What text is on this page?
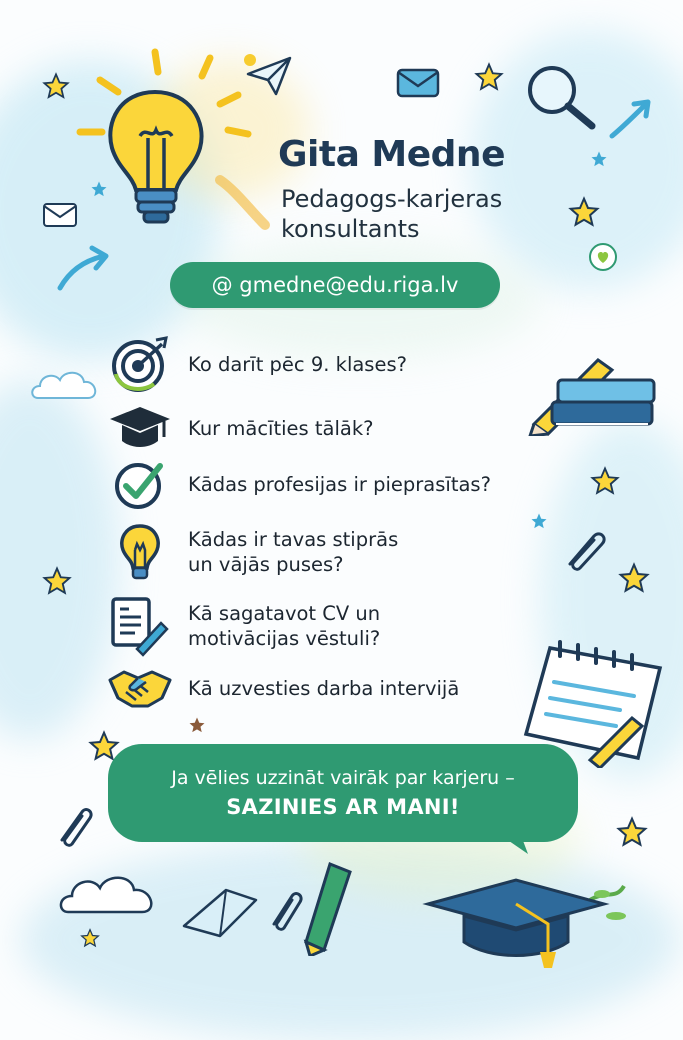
Gita Medne
Pedagogs-karjeras
konsultants
@ gmedne@edu.riga.lv
Ko darīt pēc 9. klases?
Kur mācīties tālāk?
Kādas profesijas ir pieprasītas?
Kādas ir tavas stiprās
un vājās puses?
Kā sagatavot CV un
motivācijas vēstuli?
Kā uzvesties darba intervijā
Ja vēlies uzzināt vairāk par karjeru –
SAZINIES AR MANI!
